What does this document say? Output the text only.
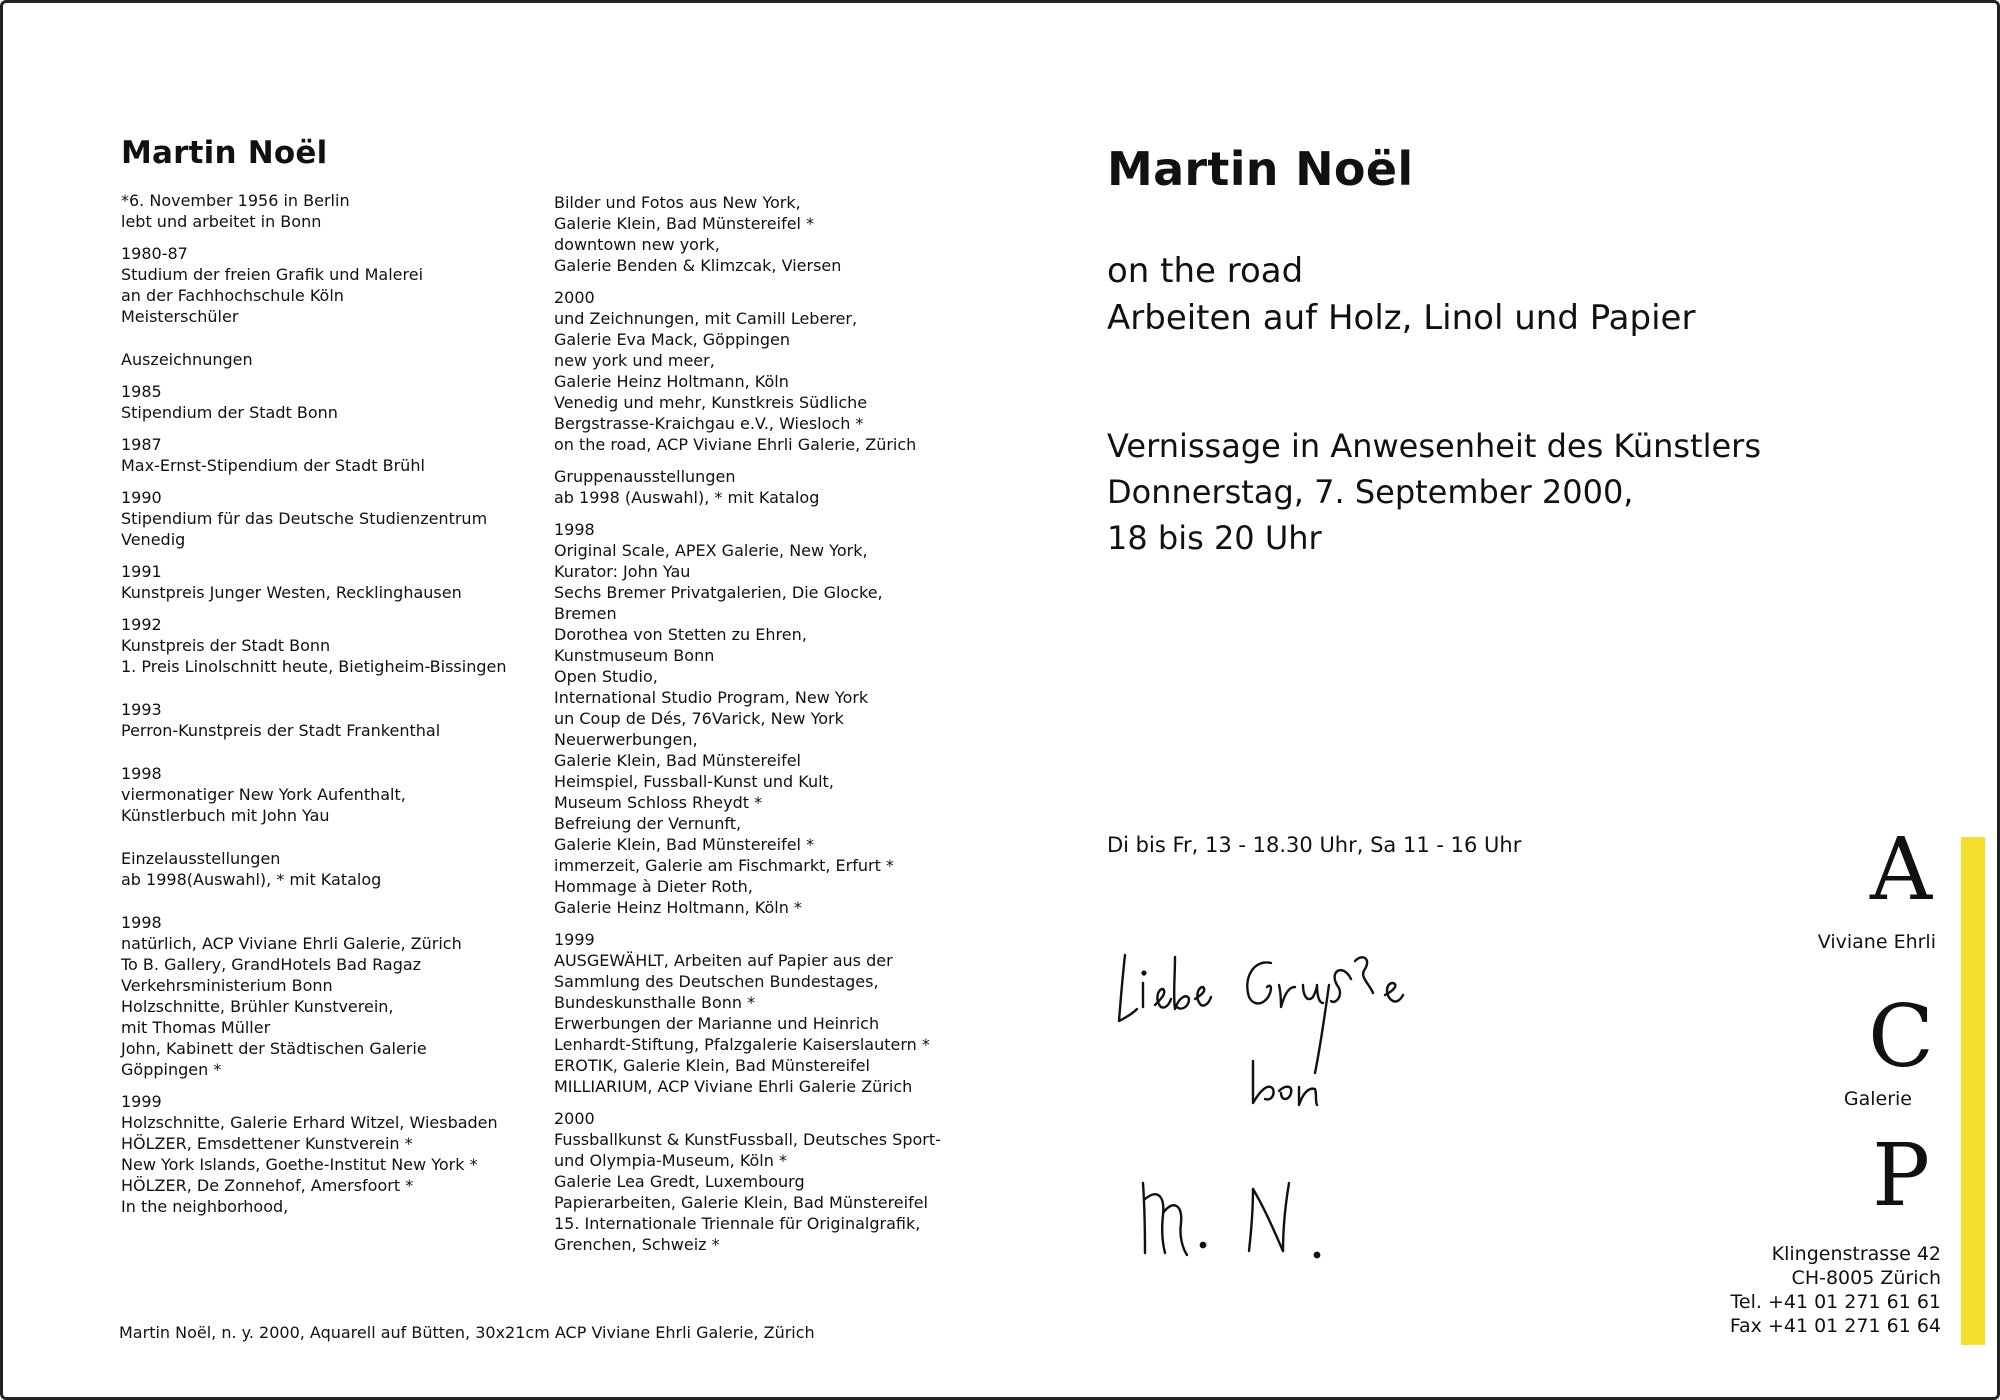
Martin Noël
*6. November 1956 in Berlin
lebt und arbeitet in Bonn
1980-87
Studium der freien Grafik und Malerei
an der Fachhochschule Köln
Meisterschüler
Auszeichnungen
1985
Stipendium der Stadt Bonn
1987
Max-Ernst-Stipendium der Stadt Brühl
1990
Stipendium für das Deutsche Studienzentrum
Venedig
1991
Kunstpreis Junger Westen, Recklinghausen
1992
Kunstpreis der Stadt Bonn
1. Preis Linolschnitt heute, Bietigheim-Bissingen
1993
Perron-Kunstpreis der Stadt Frankenthal
1998
viermonatiger New York Aufenthalt,
Künstlerbuch mit John Yau
Einzelausstellungen
ab 1998(Auswahl), * mit Katalog
1998
natürlich, ACP Viviane Ehrli Galerie, Zürich
To B. Gallery, GrandHotels Bad Ragaz
Verkehrsministerium Bonn
Holzschnitte, Brühler Kunstverein,
mit Thomas Müller
John, Kabinett der Städtischen Galerie
Göppingen *
1999
Holzschnitte, Galerie Erhard Witzel, Wiesbaden
HÖLZER, Emsdettener Kunstverein *
New York Islands, Goethe-Institut New York *
HÖLZER, De Zonnehof, Amersfoort *
In the neighborhood,
Bilder und Fotos aus New York,
Galerie Klein, Bad Münstereifel *
downtown new york,
Galerie Benden & Klimzcak, Viersen
2000
und Zeichnungen, mit Camill Leberer,
Galerie Eva Mack, Göppingen
new york und meer,
Galerie Heinz Holtmann, Köln
Venedig und mehr, Kunstkreis Südliche
Bergstrasse-Kraichgau e.V., Wiesloch *
on the road, ACP Viviane Ehrli Galerie, Zürich
Gruppenausstellungen
ab 1998 (Auswahl), * mit Katalog
1998
Original Scale, APEX Galerie, New York,
Kurator: John Yau
Sechs Bremer Privatgalerien, Die Glocke,
Bremen
Dorothea von Stetten zu Ehren,
Kunstmuseum Bonn
Open Studio,
International Studio Program, New York
un Coup de Dés, 76Varick, New York
Neuerwerbungen,
Galerie Klein, Bad Münstereifel
Heimspiel, Fussball-Kunst und Kult,
Museum Schloss Rheydt *
Befreiung der Vernunft,
Galerie Klein, Bad Münstereifel *
immerzeit, Galerie am Fischmarkt, Erfurt *
Hommage à Dieter Roth,
Galerie Heinz Holtmann, Köln *
1999
AUSGEWÄHLT, Arbeiten auf Papier aus der
Sammlung des Deutschen Bundestages,
Bundeskunsthalle Bonn *
Erwerbungen der Marianne und Heinrich
Lenhardt-Stiftung, Pfalzgalerie Kaiserslautern *
EROTIK, Galerie Klein, Bad Münstereifel
MILLIARIUM, ACP Viviane Ehrli Galerie Zürich
2000
Fussballkunst & KunstFussball, Deutsches Sport-
und Olympia-Museum, Köln *
Galerie Lea Gredt, Luxembourg
Papierarbeiten, Galerie Klein, Bad Münstereifel
15. Internationale Triennale für Originalgrafik,
Grenchen, Schweiz *
Martin Noël, n. y. 2000, Aquarell auf Bütten, 30x21cm ACP Viviane Ehrli Galerie, Zürich
Martin Noël
on the road
Arbeiten auf Holz, Linol und Papier
Vernissage in Anwesenheit des Künstlers
Donnerstag, 7. September 2000,
18 bis 20 Uhr
Di bis Fr, 13 - 18.30 Uhr, Sa 11 - 16 Uhr	A
Viviane Ehrli
C
Galerie
P
Klingenstrasse 42
CH-8005 Zürich
Tel. +41 01 271 61 61
Fax +41 01 271 61 64
